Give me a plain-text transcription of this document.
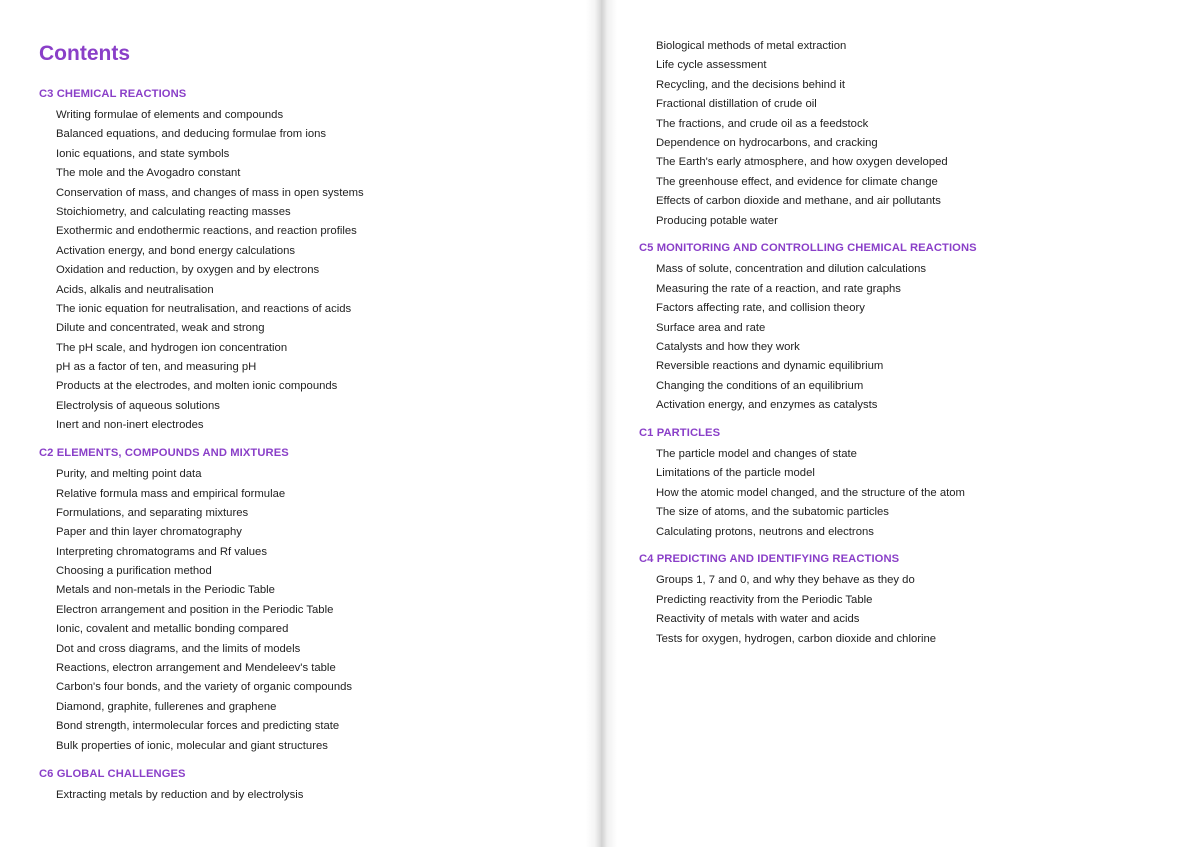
Contents
C3 CHEMICAL REACTIONS
Writing formulae of elements and compounds
Balanced equations, and deducing formulae from ions
Ionic equations, and state symbols
The mole and the Avogadro constant
Conservation of mass, and changes of mass in open systems
Stoichiometry, and calculating reacting masses
Exothermic and endothermic reactions, and reaction profiles
Activation energy, and bond energy calculations
Oxidation and reduction, by oxygen and by electrons
Acids, alkalis and neutralisation
The ionic equation for neutralisation, and reactions of acids
Dilute and concentrated, weak and strong
The pH scale, and hydrogen ion concentration
pH as a factor of ten, and measuring pH
Products at the electrodes, and molten ionic compounds
Electrolysis of aqueous solutions
Inert and non-inert electrodes
C2 ELEMENTS, COMPOUNDS AND MIXTURES
Purity, and melting point data
Relative formula mass and empirical formulae
Formulations, and separating mixtures
Paper and thin layer chromatography
Interpreting chromatograms and Rf values
Choosing a purification method
Metals and non-metals in the Periodic Table
Electron arrangement and position in the Periodic Table
Ionic, covalent and metallic bonding compared
Dot and cross diagrams, and the limits of models
Reactions, electron arrangement and Mendeleev's table
Carbon's four bonds, and the variety of organic compounds
Diamond, graphite, fullerenes and graphene
Bond strength, intermolecular forces and predicting state
Bulk properties of ionic, molecular and giant structures
C6 GLOBAL CHALLENGES
Extracting metals by reduction and by electrolysis
Biological methods of metal extraction
Life cycle assessment
Recycling, and the decisions behind it
Fractional distillation of crude oil
The fractions, and crude oil as a feedstock
Dependence on hydrocarbons, and cracking
The Earth's early atmosphere, and how oxygen developed
The greenhouse effect, and evidence for climate change
Effects of carbon dioxide and methane, and air pollutants
Producing potable water
C5 MONITORING AND CONTROLLING CHEMICAL REACTIONS
Mass of solute, concentration and dilution calculations
Measuring the rate of a reaction, and rate graphs
Factors affecting rate, and collision theory
Surface area and rate
Catalysts and how they work
Reversible reactions and dynamic equilibrium
Changing the conditions of an equilibrium
Activation energy, and enzymes as catalysts
C1 PARTICLES
The particle model and changes of state
Limitations of the particle model
How the atomic model changed, and the structure of the atom
The size of atoms, and the subatomic particles
Calculating protons, neutrons and electrons
C4 PREDICTING AND IDENTIFYING REACTIONS
Groups 1, 7 and 0, and why they behave as they do
Predicting reactivity from the Periodic Table
Reactivity of metals with water and acids
Tests for oxygen, hydrogen, carbon dioxide and chlorine
